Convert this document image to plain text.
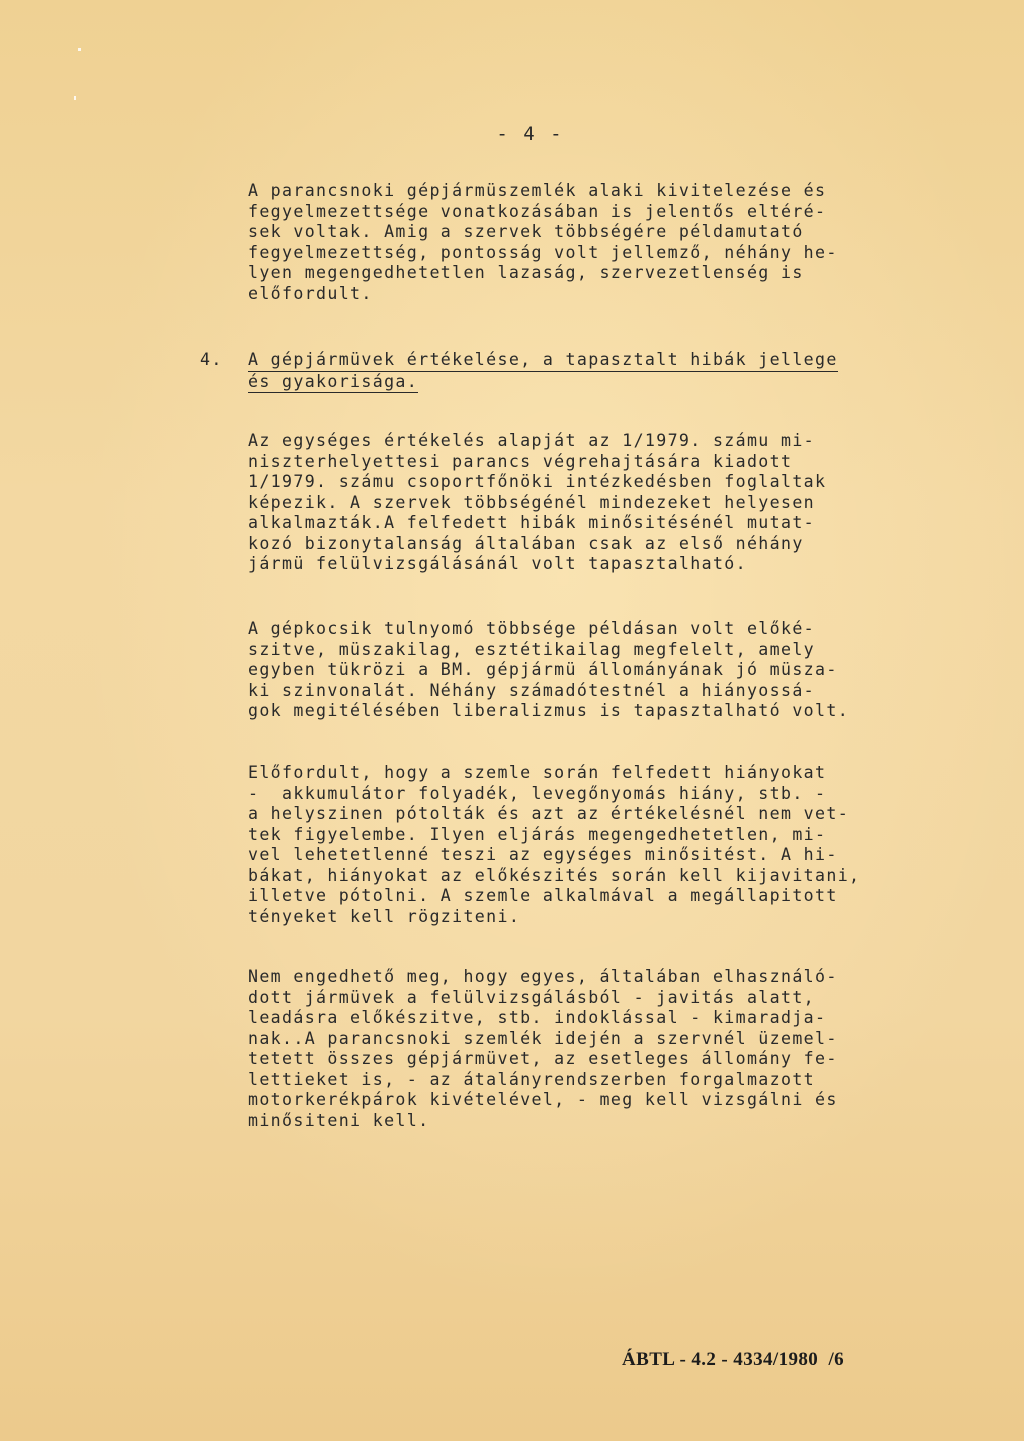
- 4 -

A parancsnoki gépjármüszemlék alaki kivitelezése és
fegyelmezettsége vonatkozásában is jelentős eltéré-
sek voltak. Amig a szervek többségére példamutató
fegyelmezettség, pontosság volt jellemző, néhány he-
lyen megengedhetetlen lazaság, szervezetlenség is
előfordult.

4. A gépjármüvek értékelése, a tapasztalt hibák jellege
és gyakorisága.

Az egységes értékelés alapját az 1/1979. számu mi-
niszterhelyettesi parancs végrehajtására kiadott
1/1979. számu csoportfőnöki intézkedésben foglaltak
képezik. A szervek többségénél mindezeket helyesen
alkalmazták.A felfedett hibák minősitésénél mutat-
kozó bizonytalanság általában csak az első néhány
jármü felülvizsgálásánál volt tapasztalható.

A gépkocsik tulnyomó többsége példásan volt előké-
szitve, müszakilag, esztétikailag megfelelt, amely
egyben tükrözi a BM. gépjármü állományának jó müsza-
ki szinvonalát. Néhány számadótestnél a hiányossá-
gok megitélésében liberalizmus is tapasztalható volt.

Előfordult, hogy a szemle során felfedett hiányokat
-  akkumulátor folyadék, levegőnyomás hiány, stb. -
a helyszinen pótolták és azt az értékelésnél nem vet-
tek figyelembe. Ilyen eljárás megengedhetetlen, mi-
vel lehetetlenné teszi az egységes minősitést. A hi-
bákat, hiányokat az előkészités során kell kijavitani,
illetve pótolni. A szemle alkalmával a megállapitott
tényeket kell rögziteni.

Nem engedhető meg, hogy egyes, általában elhasználó-
dott jármüvek a felülvizsgálásból - javitás alatt,
leadásra előkészitve, stb. indoklással - kimaradja-
nak..A parancsnoki szemlék idején a szervnél üzemel-
tetett összes gépjármüvet, az esetleges állomány fe-
lettieket is, - az átalányrendszerben forgalmazott
motorkerékpárok kivételével, - meg kell vizsgálni és
minősiteni kell.

ÁBTL - 4.2 - 4334/1980  /6
